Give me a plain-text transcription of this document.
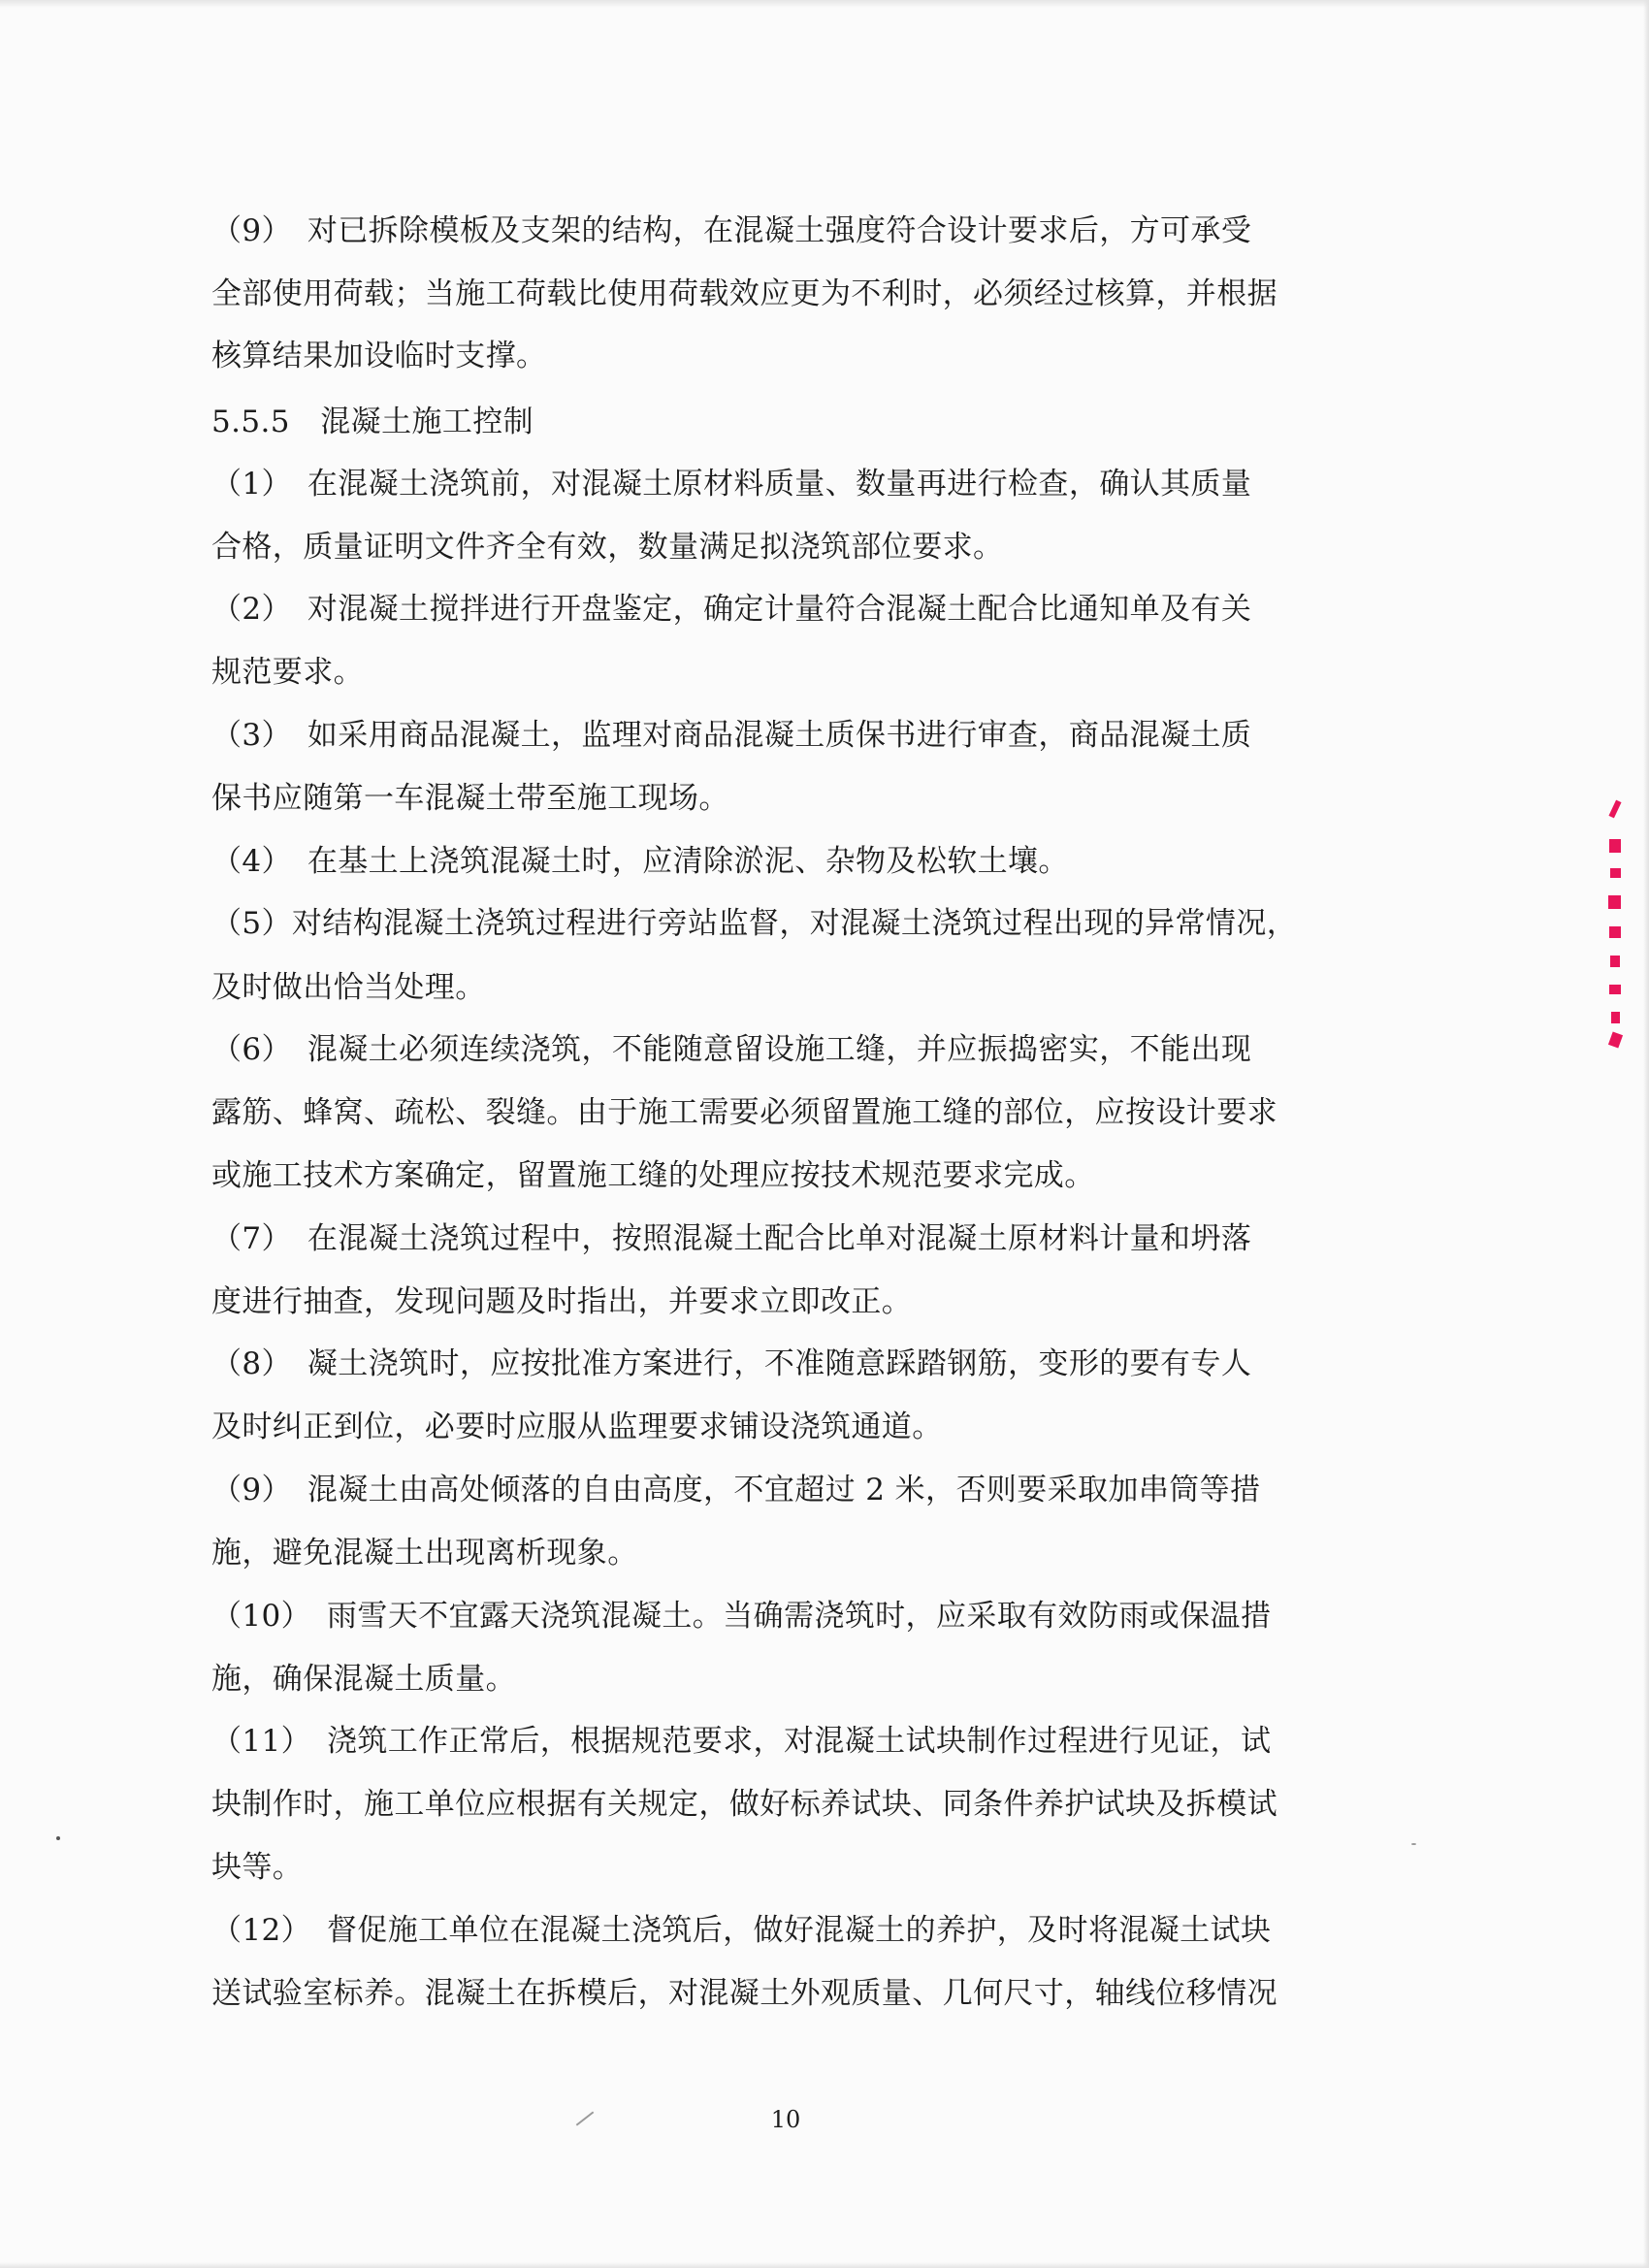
（9）　对已拆除模板及支架的结构，在混凝土强度符合设计要求后，方可承受
全部使用荷载；当施工荷载比使用荷载效应更为不利时，必须经过核算，并根据
核算结果加设临时支撑。
5.5.5　混凝土施工控制
（1）　在混凝土浇筑前，对混凝土原材料质量、数量再进行检查，确认其质量
合格，质量证明文件齐全有效，数量满足拟浇筑部位要求。
（2）　对混凝土搅拌进行开盘鉴定，确定计量符合混凝土配合比通知单及有关
规范要求。
（3）　如采用商品混凝土，监理对商品混凝土质保书进行审查，商品混凝土质
保书应随第一车混凝土带至施工现场。
（4）　在基土上浇筑混凝土时，应清除淤泥、杂物及松软土壤。
（5）对结构混凝土浇筑过程进行旁站监督，对混凝土浇筑过程出现的异常情况，
及时做出恰当处理。
（6）　混凝土必须连续浇筑，不能随意留设施工缝，并应振捣密实，不能出现
露筋、蜂窝、疏松、裂缝。由于施工需要必须留置施工缝的部位，应按设计要求
或施工技术方案确定，留置施工缝的处理应按技术规范要求完成。
（7）　在混凝土浇筑过程中，按照混凝土配合比单对混凝土原材料计量和坍落
度进行抽查，发现问题及时指出，并要求立即改正。
（8）　凝土浇筑时，应按批准方案进行，不准随意踩踏钢筋，变形的要有专人
及时纠正到位，必要时应服从监理要求铺设浇筑通道。
（9）　混凝土由高处倾落的自由高度，不宜超过 2 米，否则要采取加串筒等措
施，避免混凝土出现离析现象。
（10）　雨雪天不宜露天浇筑混凝土。当确需浇筑时，应采取有效防雨或保温措
施，确保混凝土质量。
（11）　浇筑工作正常后，根据规范要求，对混凝土试块制作过程进行见证，试
块制作时，施工单位应根据有关规定，做好标养试块、同条件养护试块及拆模试
块等。
（12）　督促施工单位在混凝土浇筑后，做好混凝土的养护，及时将混凝土试块
送试验室标养。混凝土在拆模后，对混凝土外观质量、几何尺寸，轴线位移情况
10
